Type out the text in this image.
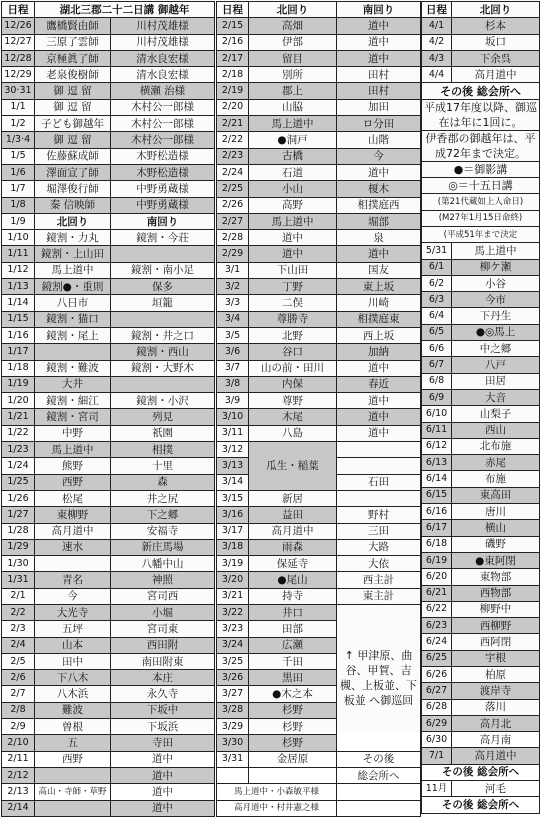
日程	湖北三郡二十二日講 御越年	
12/26	鷹橋賢由師	川村茂雄様
12/27	三原了雲師	川村茂雄様
12/28	京極眞了師	清水良宏様
12/29	老泉俊樹師	清水良宏様
30·31	御 逗 留	横瀬 治様
1/1	御 逗 留	木村公一郎様
1/2	子ども御越年	木村公一郎様
1/3·4	御 逗 留	木村公一郎様
1/5	佐藤蘇成師	木野松造様
1/6	澤面宣了師	木野松造様
1/7	堀澤俊行師	中野勇蔵様
1/8	秦 信映師	中野勇蔵様
1/9	北回り	南回り
1/10	鏡割・力丸	鏡割・今荘
1/11	鏡割・上山田	
1/12	馬上道中	鏡割・南小足
1/13	鏡割●・重則	保多
1/14	八日市	垣籠
1/15	鏡割・猫口	
1/16	鏡割・尾上	鏡割・井之口
1/17		鏡割・西山
1/18	鏡割・難波	鏡割・大野木
1/19	大井	
1/20	鏡割・細江	鏡割・小沢
1/21	鏡割・宮司	列見
1/22	中野	祇園
1/23	馬上道中	相撲
1/24	熊野	十里
1/25	西野	森
1/26	松尾	井之尻
1/27	東柳野	下之郷
1/28	高月道中	安福寺
1/29	速水	新庄馬場
1/30		八幡中山
1/31	青名	神照
2/1	今	宮司西
2/2	大光寺	小堀
2/3	五坪	宮司東
2/4	山本	西田附
2/5	田中	南田附東
2/6	下八木	本庄
2/7	八木浜	永久寺
2/8	難波	下坂中
2/9	曽根	下坂浜
2/10	五	寺田
2/11	西野	道中
2/12		道中
2/13	高山・寺師・草野	道中
2/14		道中
日程	北回り	南回り
2/15	高畑	道中
2/16	伊部	道中
2/17	留目	道中
2/18	別所	田村
2/19	郡上	田村
2/20	山脇	加田
2/21	馬上道中	ロ分田
2/22	●洞戸	山階
2/23	古橋	今
2/24	石道	道中
2/25	小山	榎木
2/26	高野	相撲庭西
2/27	馬上道中	堀部
2/28	道中	泉
2/29	道中	道中
3/1	下山田	国友
3/2	丁野	東上坂
3/3	二俣	川崎
3/4	尊勝寺	相撲庭東
3/5	北野	西上坂
3/6	谷口	加納
3/7	山の前・田川	道中
3/8	内保	春近
3/9	尊野	道中
3/10	木尾	道中
3/11	八島	道中
3/12	瓜生・稲葉	
3/13		
3/14		石田
3/15	新居	
3/16	益田	野村
3/17	高月道中	三田
3/18	雨森	大路
3/19	保延寺	大依
3/20	●尾山	西主計
3/21	持寺	東主計
3/22	井口	↑ 甲津原、曲谷、甲賀、吉槻、上板並、下板並 へ御巡回
3/23	田部	
3/24	広瀬	
3/25	千田	
3/26	黒田	
3/27	●木之本	
3/28	杉野	
3/29	杉野	
3/30	杉野	
3/31	金居原	その後
		総会所へ
馬上道中・小森敏平様		
高月道中・村井憲之様		
日程	北回り
4/1	杉本
4/2	坂口
4/3	下余呉
4/4	高月道中
その後 総会所へ	
平成17年度以降、御巡在は年に1回に。	

伊香郡の御越年は、平成72年まで決定。	

●＝御影講	
◎＝十五日講	
(第21代蔵如上人命日)	
(M27年1月15日命終)	
(平成51年まで決定	
5/31	馬上道中
6/1	柳ケ瀬
6/2	小谷
6/3	今市
6/4	下丹生
6/5	●◎馬上
6/6	中之郷
6/7	八戸
6/8	田居
6/9	大音
6/10	山梨子
6/11	西山
6/12	北布施
6/13	赤尾
6/14	布施
6/15	東高田
6/16	唐川
6/17	横山
6/18	磯野
6/19	●東阿閉
6/20	東物部
6/21	西物部
6/22	柳野中
6/23	西柳野
6/24	西阿閉
6/25	宇根
6/26	柏原
6/27	渡岸寺
6/28	落川
6/29	高月北
6/30	高月南
7/1	高月道中
その後 総会所へ	
11月	河毛
その後 総会所へ	
